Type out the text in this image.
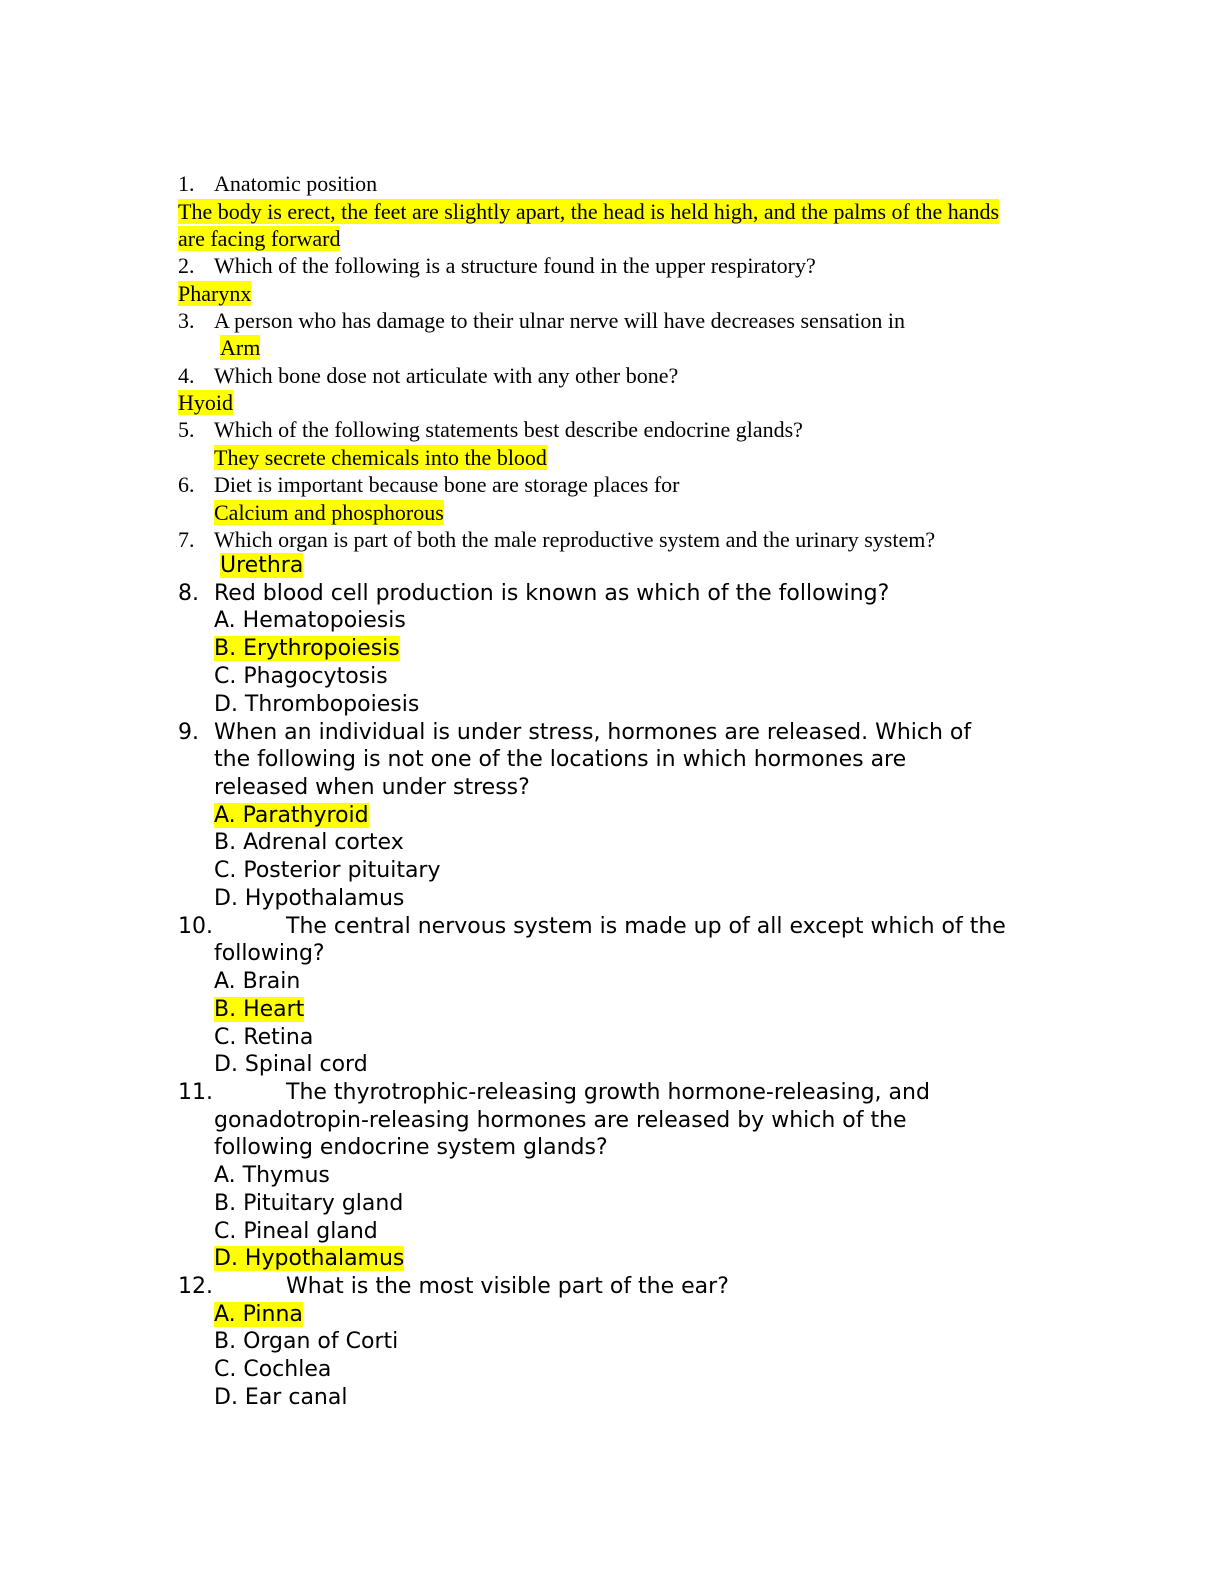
1. Anatomic position
The body is erect, the feet are slightly apart, the head is held high, and the palms of the hands
are facing forward
2. Which of the following is a structure found in the upper respiratory?
Pharynx
3. A person who has damage to their ulnar nerve will have decreases sensation in
Arm
4. Which bone dose not articulate with any other bone?
Hyoid
5. Which of the following statements best describe endocrine glands?
They secrete chemicals into the blood
6. Diet is important because bone are storage places for
Calcium and phosphorous
7. Which organ is part of both the male reproductive system and the urinary system?
Urethra
8. Red blood cell production is known as which of the following?
A. Hematopoiesis
B. Erythropoiesis
C. Phagocytosis
D. Thrombopoiesis
9. When an individual is under stress, hormones are released. Which of
the following is not one of the locations in which hormones are
released when under stress?
A. Parathyroid
B. Adrenal cortex
C. Posterior pituitary
D. Hypothalamus
10.	The central nervous system is made up of all except which of the
following?
A. Brain
B. Heart
C. Retina
D. Spinal cord
11.	The thyrotrophic-releasing growth hormone-releasing, and
gonadotropin-releasing hormones are released by which of the
following endocrine system glands?
A. Thymus
B. Pituitary gland
C. Pineal gland
D. Hypothalamus
12.	What is the most visible part of the ear?
A. Pinna
B. Organ of Corti
C. Cochlea
D. Ear canal
